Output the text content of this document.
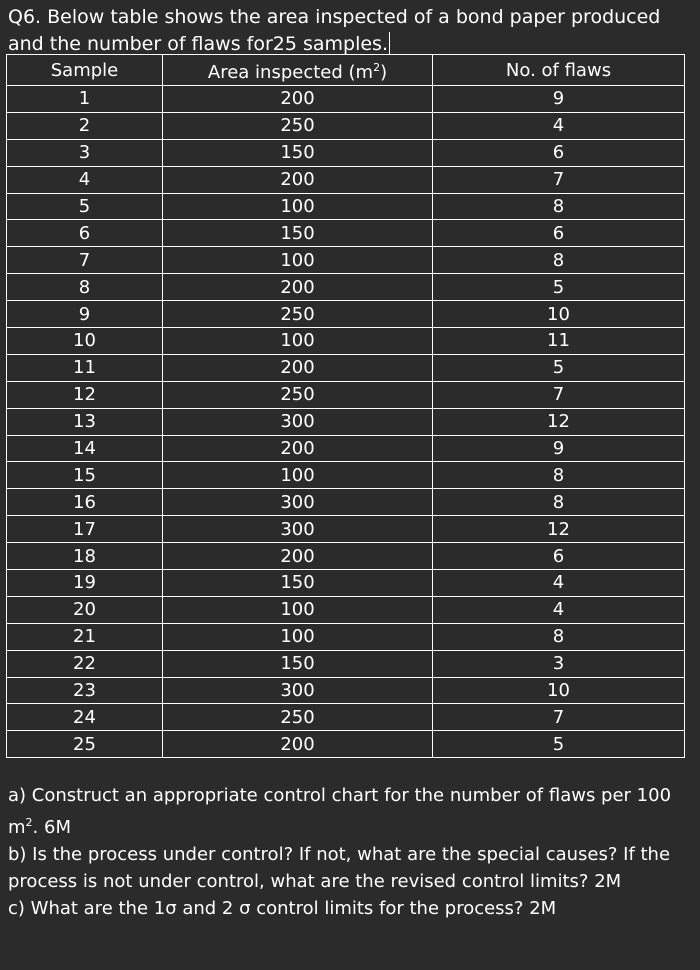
Q6. Below table shows the area inspected of a bond paper produced
and the number of flaws for25 samples.
Sample	Area inspected $(m^2)$	No. of flaws
1	200	9
2	250	4
3	150	6
4	200	7
5	100	8
6	150	6
7	100	8
8	200	5
9	250	10
10	100	11
11	200	5
12	250	7
13	300	12
14	200	9
15	100	8
16	300	8
17	300	12
18	200	6
19	150	4
20	100	4
21	100	8
22	150	3
23	300	10
24	250	7
25	200	5

a) Construct an appropriate control chart for the number of flaws per 100 $m^2$. 6M

b) Is the process under control? If not, what are the special causes? If the process is not under control, what are the revised control limits? 2M

c) What are the 1σ and 2 σ control limits for the process? 2M
